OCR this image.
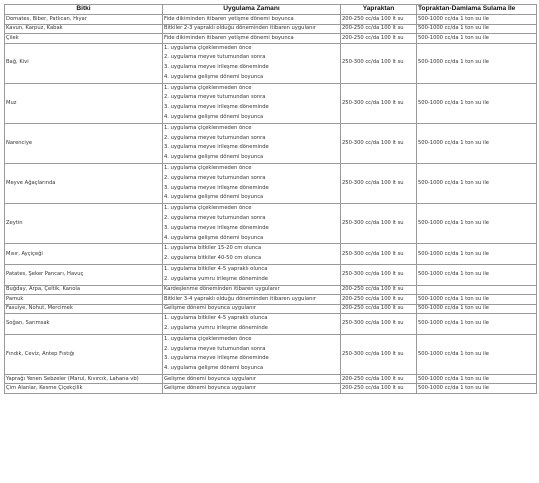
Bitki	Uygulama Zamanı	Yapraktan	Topraktan-Damlama Sulama İle
Domates, Biber, Patlıcan, Hıyar	Fide dikiminden itibaren yetişme dönemi boyunca	200-250 cc/da 100 lt su	500-1000 cc/da 1 ton su ile
Kavun, Karpuz, Kabak	Bitkiler 2-3 yapraklı olduğu döneminden itibaren uygulanır	200-250 cc/da 100 lt su	500-1000 cc/da 1 ton su ile
Çilek	Fide dikiminden itibaren yetişme dönemi boyunca	200-250 cc/da 100 lt su	500-1000 cc/da 1 ton su ile
Bağ, Kivi	1. uygulama çiçeklenmeden önce
2. uygulama meyve tutumundan sonra
3. uygulama meyve irileşme döneminde
4. uygulama gelişme dönemi boyunca	250-300 cc/da 100 lt su	500-1000 cc/da 1 ton su ile
Muz	1. uygulama çiçeklenmeden önce
2. uygulama meyve tutumundan sonra
3. uygulama meyve irileşme döneminde
4. uygulama gelişme dönemi boyunca	250-300 cc/da 100 lt su	500-1000 cc/da 1 ton su ile
Narenciye	1. uygulama çiçeklenmeden önce
2. uygulama meyve tutumundan sonra
3. uygulama meyve irileşme döneminde
4. uygulama gelişme dönemi boyunca	250-300 cc/da 100 lt su	500-1000 cc/da 1 ton su ile
Meyve Ağaçlarında	1. uygulama çiçeklenmeden önce
2. uygulama meyve tutumundan sonra
3. uygulama meyve irileşme döneminde
4. uygulama gelişme dönemi boyunca	250-300 cc/da 100 lt su	500-1000 cc/da 1 ton su ile
Zeytin	1. uygulama çiçeklenmeden önce
2. uygulama meyve tutumundan sonra
3. uygulama meyve irileşme döneminde
4. uygulama gelişme dönemi boyunca	250-300 cc/da 100 lt su	500-1000 cc/da 1 ton su ile
Mısır, Ayçiçeği	1. uygulama bitkiler 15-20 cm olunca
2. uygulama bitkiler 40-50 cm olunca	250-300 cc/da 100 lt su	500-1000 cc/da 1 ton su ile
Patates, Şeker Pancarı, Havuç	1. uygulama bitkiler 4-5 yapraklı olunca
2. uygulama yumru irileşme döneminde	250-300 cc/da 100 lt su	500-1000 cc/da 1 ton su ile
Buğday, Arpa, Çeltik, Kanola	Kardeşlenme döneminden itibaren uygulanır	200-250 cc/da 100 lt su	
Pamuk	Bitkiler 3-4 yapraklı olduğu döneminden itibaren uygulanır	200-250 cc/da 100 lt su	500-1000 cc/da 1 ton su ile
Fasulye, Nohut, Mercimek	Gelişme dönemi boyunca uygulanır	200-250 cc/da 100 lt su	500-1000 cc/da 1 ton su ile
Soğan, Sarımsak	1. uygulama bitkiler 4-5 yapraklı olunca
2. uygulama yumru irileşme döneminde	250-300 cc/da 100 lt su	500-1000 cc/da 1 ton su ile
Fındık, Ceviz, Antep Fıstığı	1. uygulama çiçeklenmeden önce
2. uygulama meyve tutumundan sonra
3. uygulama meyve irileşme döneminde
4. uygulama gelişme dönemi boyunca	250-300 cc/da 100 lt su	500-1000 cc/da 1 ton su ile
Yaprağı Yenen Sebzeler (Marul, Kıvırcık, Lahana vb)	Gelişme dönemi boyunca uygulanır	200-250 cc/da 100 lt su	500-1000 cc/da 1 ton su ile
Çim Alanlar, Kesme Çiçekçilik	Gelişme dönemi boyunca uygulanır	200-250 cc/da 100 lt su	500-1000 cc/da 1 ton su ile
